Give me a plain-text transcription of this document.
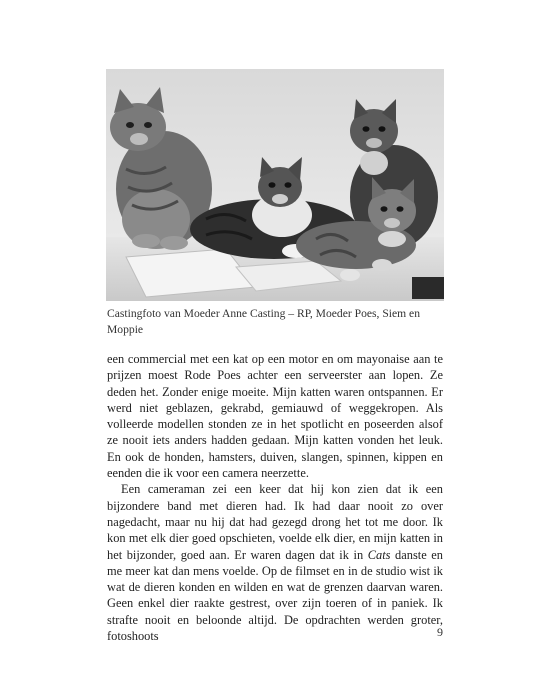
Castingfoto van Moeder Anne Casting – RP, Moeder Poes, Siem en Moppie

een commercial met een kat op een motor en om mayonaise aan te prijzen moest Rode Poes achter een serveerster aan lopen. Ze deden het. Zonder enige moeite. Mijn katten waren ontspannen. Er werd niet geblazen, gekrabd, gemiauwd of weggekropen. Als volleerde modellen stonden ze in het spotlicht en poseerden alsof ze nooit iets anders hadden gedaan. Mijn katten vonden het leuk. En ook de honden, hamsters, duiven, slangen, spinnen, kippen en eenden die ik voor een camera neerzette.

Een cameraman zei een keer dat hij kon zien dat ik een bijzondere band met dieren had. Ik had daar nooit zo over nagedacht, maar nu hij dat had gezegd drong het tot me door. Ik kon met elk dier goed opschieten, voelde elk dier, en mijn katten in het bijzonder, goed aan. Er waren dagen dat ik in Cats danste en me meer kat dan mens voelde. Op de filmset en in de studio wist ik wat de dieren konden en wilden en wat de grenzen daarvan waren. Geen enkel dier raakte gestrest, over zijn toeren of in paniek. Ik strafte nooit en beloonde altijd. De opdrachten werden groter, fotoshoots	9
